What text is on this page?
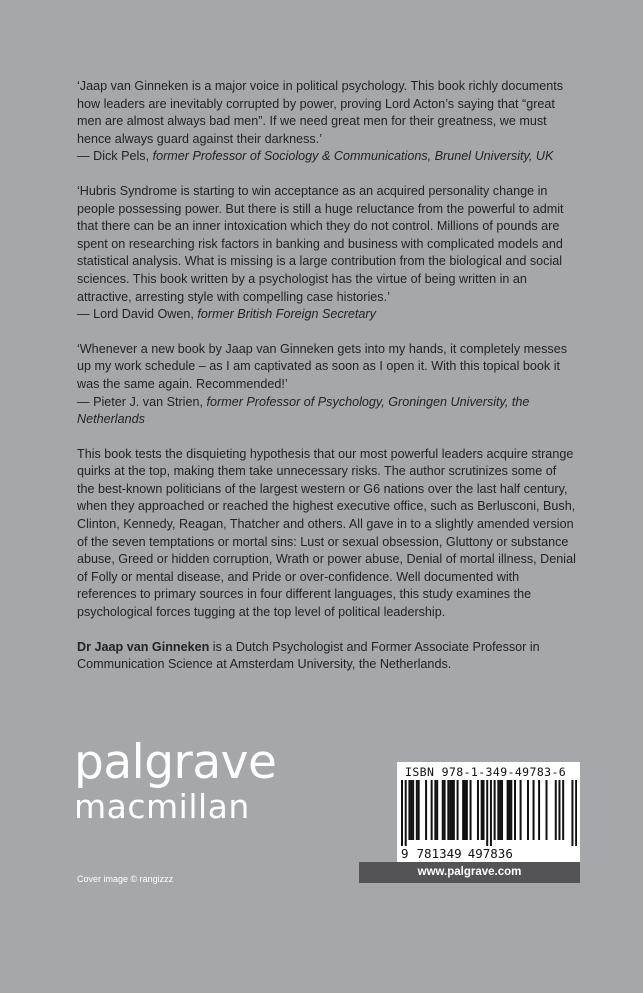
‘Jaap van Ginneken is a major voice in political psychology. This book richly documents how leaders are inevitably corrupted by power, proving Lord Acton’s saying that “great men are almost always bad men”. If we need great men for their greatness, we must hence always guard against their darkness.’
— Dick Pels, former Professor of Sociology & Communications, Brunel University, UK

‘Hubris Syndrome is starting to win acceptance as an acquired personality change in people possessing power. But there is still a huge reluctance from the powerful to admit that there can be an inner intoxication which they do not control. Millions of pounds are spent on researching risk factors in banking and business with complicated models and statistical analysis. What is missing is a large contribution from the biological and social sciences. This book written by a psychologist has the virtue of being written in an attractive, arresting style with compelling case histories.’
— Lord David Owen, former British Foreign Secretary

‘Whenever a new book by Jaap van Ginneken gets into my hands, it completely messes up my work schedule – as I am captivated as soon as I open it. With this topical book it was the same again. Recommended!’
— Pieter J. van Strien, former Professor of Psychology, Groningen University, the Netherlands

This book tests the disquieting hypothesis that our most powerful leaders acquire strange quirks at the top, making them take unnecessary risks. The author scrutinizes some of the best-known politicians of the largest western or G6 nations over the last half century, when they approached or reached the highest executive office, such as Berlusconi, Bush, Clinton, Kennedy, Reagan, Thatcher and others. All gave in to a slightly amended version of the seven temptations or mortal sins: Lust or sexual obsession, Gluttony or substance abuse, Greed or hidden corruption, Wrath or power abuse, Denial of mortal illness, Denial of Folly or mental disease, and Pride or over-confidence. Well documented with references to primary sources in four different languages, this study examines the psychological forces tugging at the top level of political leadership.

Dr Jaap van Ginneken is a Dutch Psychologist and Former Associate Professor in Communication Science at Amsterdam University, the Netherlands.

palgrave
macmillan
Cover image © rangizzz
ISBN 978-1-349-49783-6
9 781349 497836
www.palgrave.com
